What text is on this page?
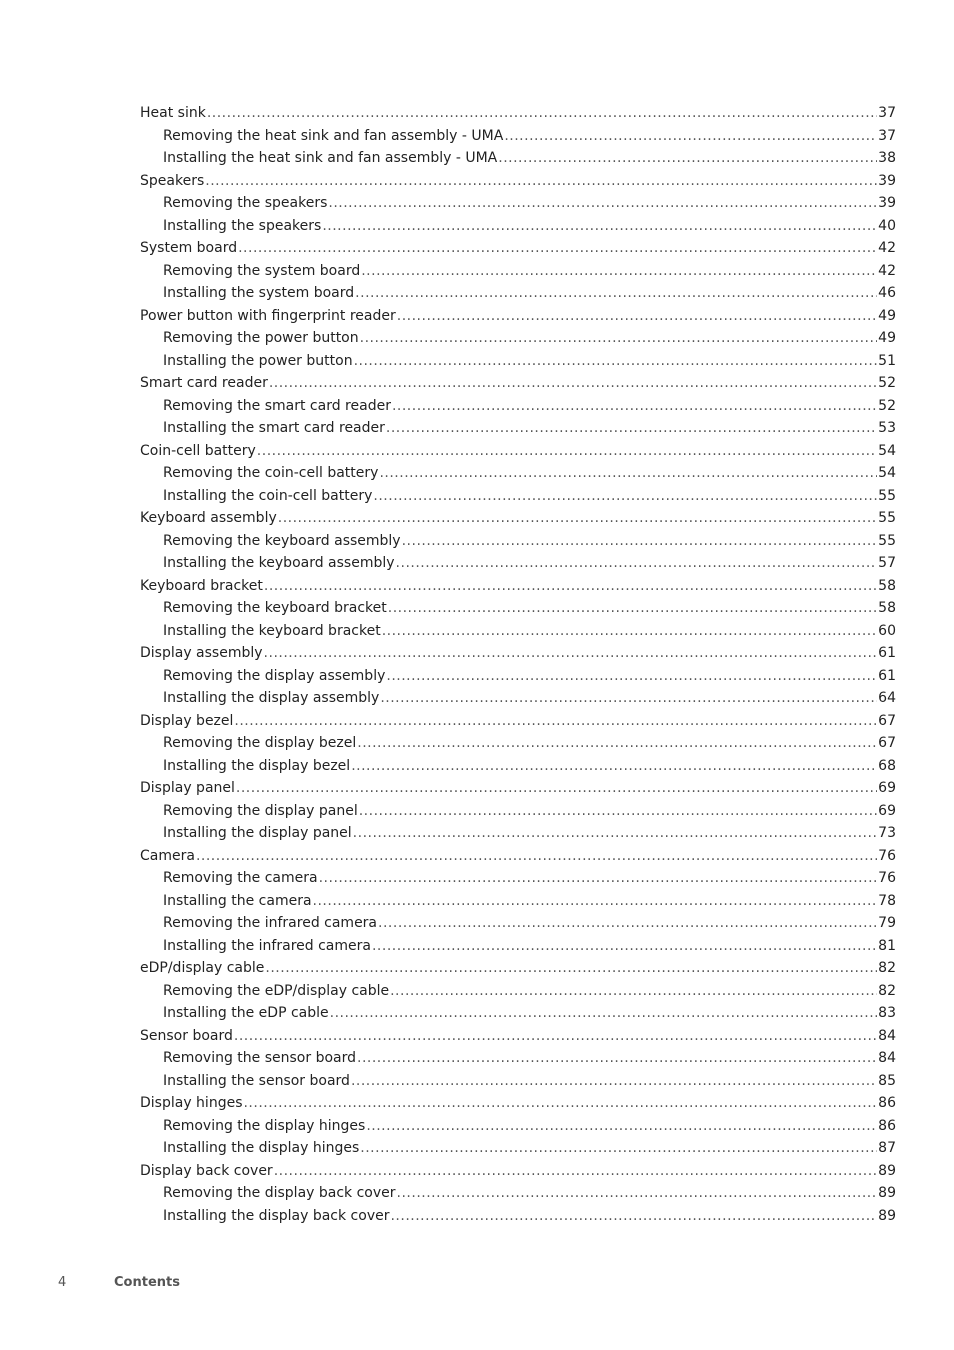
Heat sink .....	37
Removing the heat sink and fan assembly - UMA .....	37
Installing the heat sink and fan assembly - UMA .....	38
Speakers .....	39
Removing the speakers .....	39
Installing the speakers .....	40
System board .....	42
Removing the system board .....	42
Installing the system board .....	46
Power button with fingerprint reader .....	49
Removing the power button .....	49
Installing the power button .....	51
Smart card reader .....	52
Removing the smart card reader .....	52
Installing the smart card reader .....	53
Coin-cell battery .....	54
Removing the coin-cell battery .....	54
Installing the coin-cell battery .....	55
Keyboard assembly .....	55
Removing the keyboard assembly .....	55
Installing the keyboard assembly .....	57
Keyboard bracket .....	58
Removing the keyboard bracket .....	58
Installing the keyboard bracket .....	60
Display assembly .....	61
Removing the display assembly .....	61
Installing the display assembly .....	64
Display bezel .....	67
Removing the display bezel .....	67
Installing the display bezel .....	68
Display panel .....	69
Removing the display panel .....	69
Installing the display panel .....	73
Camera .....	76
Removing the camera .....	76
Installing the camera .....	78
Removing the infrared camera .....	79
Installing the infrared camera .....	81
eDP/display cable .....	82
Removing the eDP/display cable .....	82
Installing the eDP cable .....	83
Sensor board .....	84
Removing the sensor board .....	84
Installing the sensor board .....	85
Display hinges .....	86
Removing the display hinges .....	86
Installing the display hinges .....	87
Display back cover .....	89
Removing the display back cover .....	89
Installing the display back cover .....	89
4	Contents
